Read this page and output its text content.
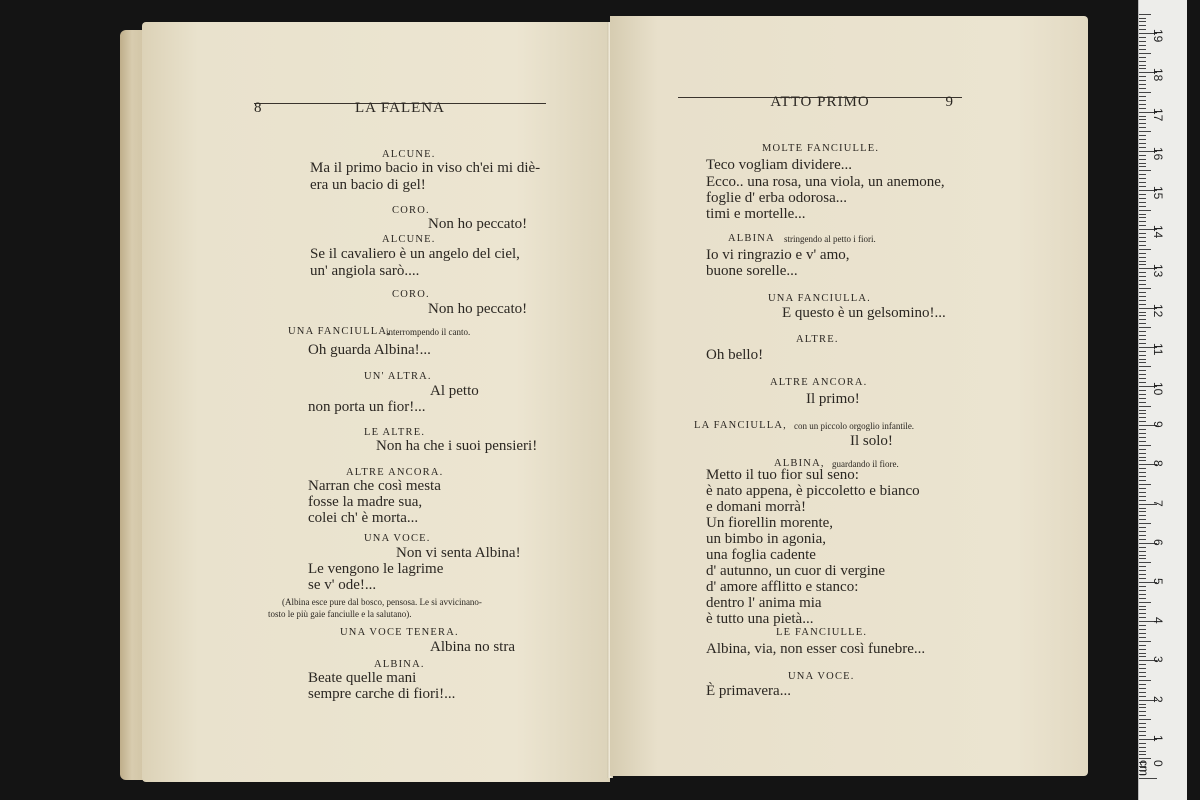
8	LA FALENA
ALCUNE.
Ma il primo bacio in viso ch'ei mi diè-
era un bacio di gel!
CORO.
Non ho peccato!
ALCUNE.
Se il cavaliero è un angelo del ciel,
un' angiola sarò....
CORO.
Non ho peccato!
UNA FANCIULLA,
interrompendo il canto.
Oh guarda Albina!...
UN' ALTRA.
Al petto
non porta un fior!...
LE ALTRE.
Non ha che i suoi pensieri!
ALTRE ANCORA.
Narran che così mesta
fosse la madre sua,
colei ch' è morta...
UNA VOCE.
Non vi senta Albina!
Le vengono le lagrime
se v' ode!...
(Albina esce pure dal bosco, pensosa. Le si avvicinano-
tosto le più gaie fanciulle e la salutano).
UNA VOCE TENERA.
Albina no stra
ALBINA.
Beate quelle mani
sempre carche di fiori!...
ATTO PRIMO	9
MOLTE FANCIULLE.
Teco vogliam dividere...
Ecco.. una rosa, una viola, un anemone,
foglie d' erba odorosa...
timi e mortelle...
ALBINA stringendo al petto i fiori.
Io vi ringrazio e v' amo,
buone sorelle...
UNA FANCIULLA.
E questo è un gelsomino!...
ALTRE.
Oh bello!
ALTRE ANCORA.
Il primo!
LA FANCIULLA, con un piccolo orgoglio infantile.
Il solo!
ALBINA, guardando il fiore.
Metto il tuo fior sul seno:
è nato appena, è piccoletto e bianco
e domani morrà!
Un fiorellin morente,
un bimbo in agonia,
una foglia cadente
d' autunno, un cuor di vergine
d' amore afflitto e stanco:
dentro l' anima mia
è tutto una pietà...
LE FANCIULLE.
Albina, via, non esser così funebre...
UNA VOCE.
È primavera...
0 cm
1
2
3
4
5
6
7
8
9
10
11
12
13
14
15
16
17
18
19
